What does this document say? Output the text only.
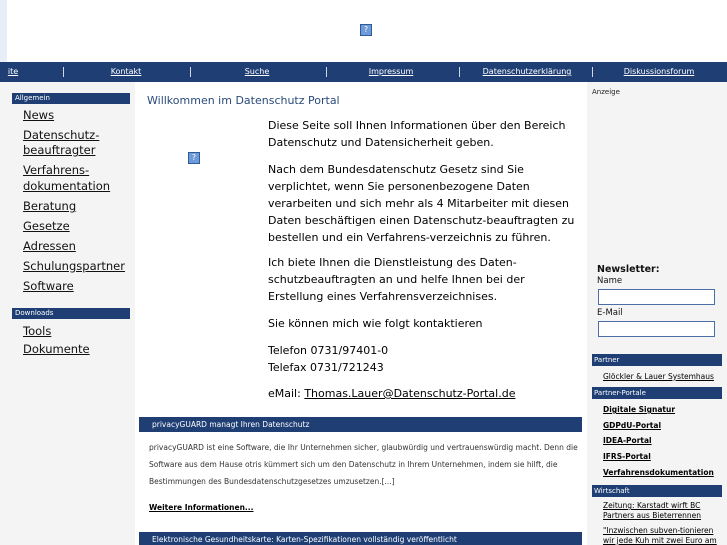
?
ite	Kontakt	Suche	Impressum	Datenschutzerklärung	Diskussionsforum
Allgemein
News
Datenschutz-
beauftragter
Verfahrens-
dokumentation
Beratung
Gesetze
Adressen
Schulungspartner
Software
Downloads
Tools
Dokumente
Willkommen im Datenschutz Portal
?
Diese Seite soll Ihnen Informationen über den Bereich Datenschutz und Datensicherheit geben.
Nach dem Bundesdatenschutz Gesetz sind Sie verplichtet, wenn Sie personenbezogene Daten verarbeiten und sich mehr als 4 Mitarbeiter mit diesen Daten beschäftigen einen Datenschutz-beauftragten zu bestellen und ein Verfahrens-verzeichnis zu führen.
Ich biete Ihnen die Dienstleistung des Daten-schutzbeauftragten an und helfe Ihnen bei der Erstellung eines Verfahrensverzeichnises.
Sie können mich wie folgt kontaktieren
Telefon 0731/97401-0
Telefax 0731/721243
eMail: Thomas.Lauer@Datenschutz-Portal.de
privacyGUARD managt Ihren Datenschutz
privacyGUARD ist eine Software, die Ihr Unternehmen sicher, glaubwürdig und vertrauenswürdig macht. Denn die Software aus dem Hause otris kümmert sich um den Datenschutz in Ihrem Unternehmen, indem sie hilft, die Bestimmungen des Bundesdatenschutzgesetzes umzusetzen.[...]
Weitere Informationen...
Elektronische Gesundheitskarte: Karten-Spezifikationen vollständig veröffentlicht
Anzeige
Newsletter:
Name
E-Mail
Partner
Glöckler & Lauer Systemhaus
Partner-Portale
Digitale Signatur
GDPdU-Portal
IDEA-Portal
IFRS-Portal
Verfahrensdokumentation
Wirtschaft
Zeitung: Karstadt wirft BC Partners aus Bieterrennen
"Inzwischen subven-tionieren wir jede Kuh mit zwei Euro am
